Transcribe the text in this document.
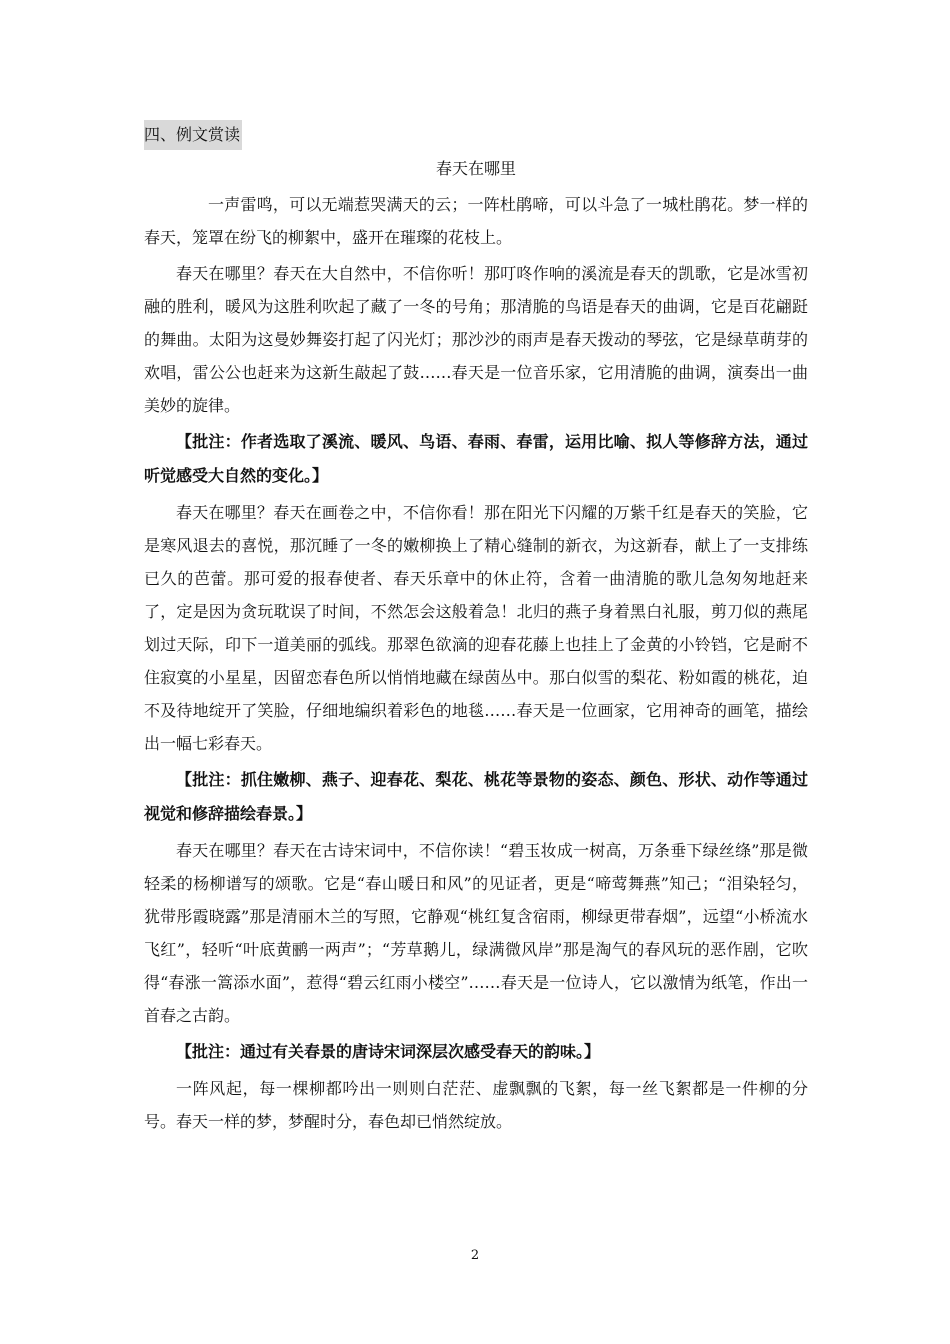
四、例文赏读
春天在哪里

一声雷鸣，可以无端惹哭满天的云；一阵杜鹃啼，可以斗急了一城杜鹃花。梦一样的春天，笼罩在纷飞的柳絮中，盛开在璀璨的花枝上。

春天在哪里？春天在大自然中，不信你听！那叮咚作响的溪流是春天的凯歌，它是冰雪初融的胜利，暖风为这胜利吹起了藏了一冬的号角；那清脆的鸟语是春天的曲调，它是百花翩跹的舞曲。太阳为这曼妙舞姿打起了闪光灯；那沙沙的雨声是春天拨动的琴弦，它是绿草萌芽的欢唱，雷公公也赶来为这新生敲起了鼓……春天是一位音乐家，它用清脆的曲调，演奏出一曲美妙的旋律。

【批注：作者选取了溪流、暖风、鸟语、春雨、春雷，运用比喻、拟人等修辞方法，通过听觉感受大自然的变化。】

春天在哪里？春天在画卷之中，不信你看！那在阳光下闪耀的万紫千红是春天的笑脸，它是寒风退去的喜悦，那沉睡了一冬的嫩柳换上了精心缝制的新衣，为这新春，献上了一支排练已久的芭蕾。那可爱的报春使者、春天乐章中的休止符，含着一曲清脆的歌儿急匆匆地赶来了，定是因为贪玩耽误了时间，不然怎会这般着急！北归的燕子身着黑白礼服，剪刀似的燕尾划过天际，印下一道美丽的弧线。那翠色欲滴的迎春花藤上也挂上了金黄的小铃铛，它是耐不住寂寞的小星星，因留恋春色所以悄悄地藏在绿茵丛中。那白似雪的梨花、粉如霞的桃花，迫不及待地绽开了笑脸，仔细地编织着彩色的地毯……春天是一位画家，它用神奇的画笔，描绘出一幅七彩春天。

【批注：抓住嫩柳、燕子、迎春花、梨花、桃花等景物的姿态、颜色、形状、动作等通过视觉和修辞描绘春景。】

春天在哪里？春天在古诗宋词中，不信你读！“碧玉妆成一树高，万条垂下绿丝绦”那是微轻柔的杨柳谱写的颂歌。它是“春山暖日和风”的见证者，更是“啼莺舞燕”知己；“泪染轻匀，犹带彤霞晓露”那是清丽木兰的写照，它静观“桃红复含宿雨，柳绿更带春烟”，远望“小桥流水飞红”，轻听“叶底黄鹂一两声”；“芳草鹅儿，绿满微风岸”那是淘气的春风玩的恶作剧，它吹得“春涨一篙添水面”，惹得“碧云红雨小楼空”……春天是一位诗人，它以激情为纸笔，作出一首春之古韵。

【批注：通过有关春景的唐诗宋词深层次感受春天的韵味。】

一阵风起，每一棵柳都吟出一则则白茫茫、虚飘飘的飞絮，每一丝飞絮都是一件柳的分号。春天一样的梦，梦醒时分，春色却已悄然绽放。

2
